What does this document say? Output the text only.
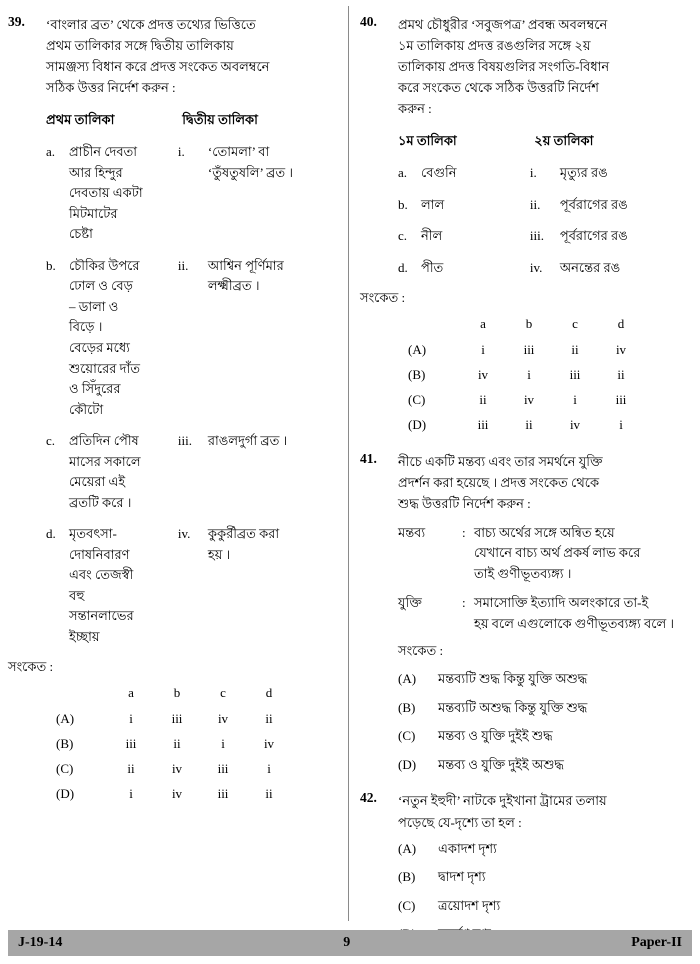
39.	‘বাংলার ব্রত’ থেকে প্রদত্ত তথ্যের ভিত্তিতে
প্রথম তালিকার সঙ্গে দ্বিতীয় তালিকায়
সামঞ্জস্য বিধান করে প্রদত্ত সংকেত অবলম্বনে
সঠিক উত্তর নির্দেশ করুন :
প্রথম তালিকা	দ্বিতীয় তালিকা
a.	প্রাচীন দেবতা
আর হিন্দুর
দেবতায় একটা
মিটমাটের
চেষ্টা
i.	‘তোমলা’ বা
‘তুঁষতুষলি’ ব্রত ।
b.	চৌকির উপরে
ঢোল ও বেড়
– ডালা ও
বিড়ে ।
বেড়ের মধ্যে
শুয়োরের দাঁত
ও সিঁদুরের
কৌটো
ii.	আশ্বিন পূর্ণিমার
লক্ষ্মীব্রত ।
c.	প্রতিদিন পৌষ
মাসের সকালে
মেয়েরা এই
ব্রতটি করে ।
iii.	রাঙলদুর্গা ব্রত ।
d.	মৃতবৎসা-
দোষনিবারণ
এবং তেজস্বী
বহু
সন্তানলাভের
ইচ্ছায়
iv.	কুকুর্রীব্রত করা
হয় ।
সংকেত :
a	b	c	d
(A)	i	iii	iv	ii
(B)	iii	ii	i	iv
(C)	ii	iv	iii	i
(D)	i	iv	iii	ii
40.	প্রমথ চৌধুরীর ‘সবুজপত্র’ প্রবন্ধ অবলম্বনে
১ম তালিকায় প্রদত্ত রঙগুলির সঙ্গে ২য়
তালিকায় প্রদত্ত বিষয়গুলির সংগতি-বিধান
করে সংকেত থেকে সঠিক উত্তরটি নির্দেশ
করুন :
১ম তালিকা	২য় তালিকা
a.	বেগুনি	i.	মৃত্যুর রঙ
b.	লাল	ii.	পূর্বরাগের রঙ
c.	নীল	iii.	পূর্বরাগের রঙ
d.	পীত	iv.	অনন্তের রঙ
সংকেত :
a	b	c	d
(A)	i	iii	ii	iv
(B)	iv	i	iii	ii
(C)	ii	iv	i	iii
(D)	iii	ii	iv	i
41.	নীচে একটি মন্তব্য এবং তার সমর্থনে যুক্তি
প্রদর্শন করা হয়েছে । প্রদত্ত সংকেত থেকে
শুদ্ধ উত্তরটি নির্দেশ করুন :
মন্তব্য	: বাচ্য অর্থের সঙ্গে অন্বিত হয়ে
যেখানে বাচ্য অর্থ প্রকর্ষ লাভ করে
তাই গুণীভূতব্যঙ্গ্য ।
যুক্তি	: সমাসোক্তি ইত্যাদি অলংকারে তা-ই
হয় বলে এগুলোকে গুণীভূতব্যঙ্গ্য বলে ।
সংকেত :
(A)	মন্তব্যটি শুদ্ধ কিন্তু যুক্তি অশুদ্ধ
(B)	মন্তব্যটি অশুদ্ধ কিন্তু যুক্তি শুদ্ধ
(C)	মন্তব্য ও যুক্তি দুইই শুদ্ধ
(D)	মন্তব্য ও যুক্তি দুইই অশুদ্ধ
42.	‘নতুন ইহুদী’ নাটকে দুইখানা ট্রামের তলায়
পড়েছে যে-দৃশ্যে তা হল :
(A)	একাদশ দৃশ্য
(B)	দ্বাদশ দৃশ্য
(C)	ত্রয়োদশ দৃশ্য
J-19-14	9	Paper-II
